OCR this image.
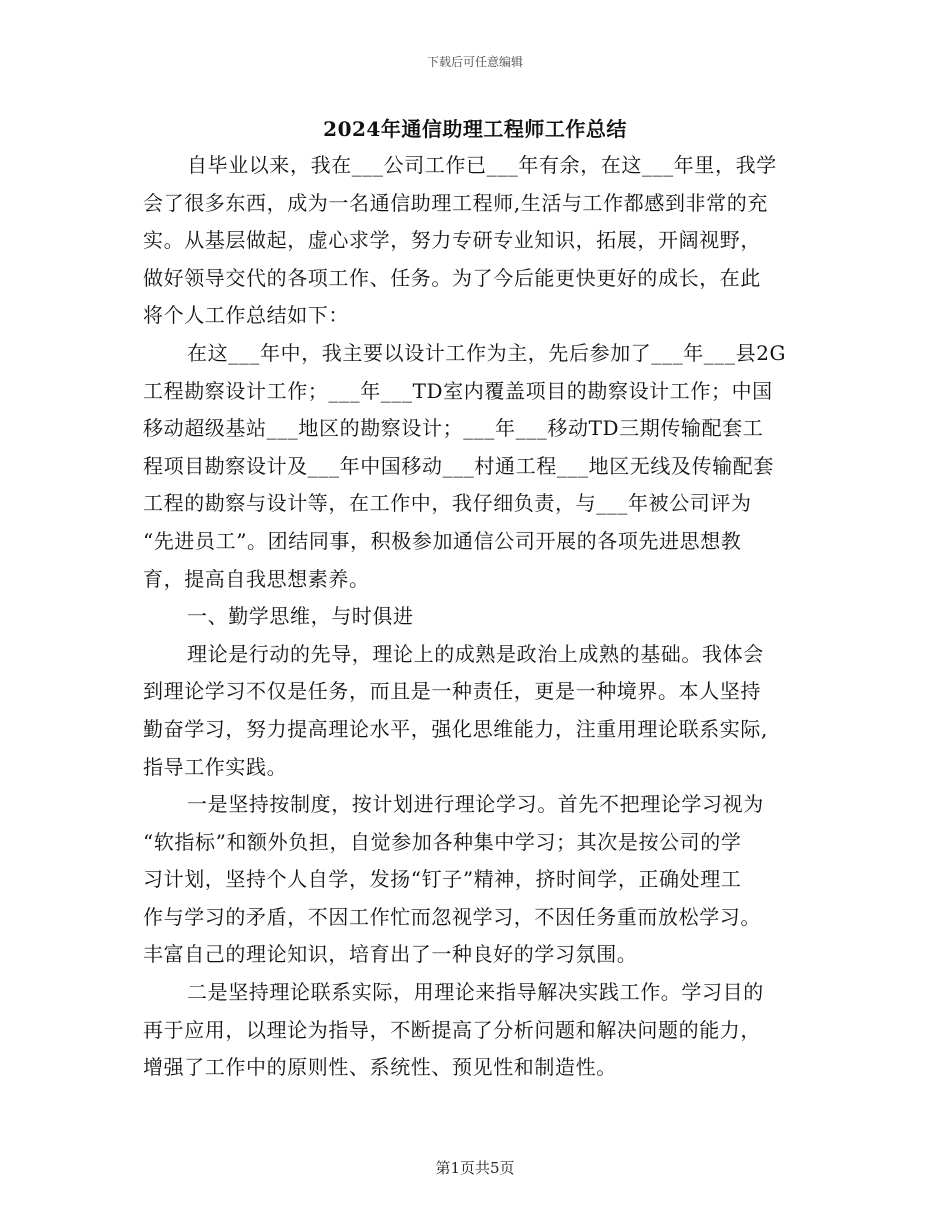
下载后可任意编辑
2024年通信助理工程师工作总结
自毕业以来，我在___公司工作已___年有余，在这___年里，我学
会了很多东西，成为一名通信助理工程师,生活与工作都感到非常的充
实。从基层做起，虚心求学，努力专研专业知识，拓展，开阔视野，
做好领导交代的各项工作、任务。为了今后能更快更好的成长，在此
将个人工作总结如下：
在这___年中，我主要以设计工作为主，先后参加了___年___县2G
工程勘察设计工作；___年___TD室内覆盖项目的勘察设计工作；中国
移动超级基站___地区的勘察设计；___年___移动TD三期传输配套工
程项目勘察设计及___年中国移动___村通工程___地区无线及传输配套
工程的勘察与设计等，在工作中，我仔细负责，与___年被公司评为
“先进员工”。团结同事，积极参加通信公司开展的各项先进思想教
育，提高自我思想素养。
一、勤学思维，与时俱进
理论是行动的先导，理论上的成熟是政治上成熟的基础。我体会
到理论学习不仅是任务，而且是一种责任，更是一种境界。本人坚持
勤奋学习，努力提高理论水平，强化思维能力，注重用理论联系实际,
指导工作实践。
一是坚持按制度，按计划进行理论学习。首先不把理论学习视为
“软指标”和额外负担，自觉参加各种集中学习；其次是按公司的学
习计划，坚持个人自学，发扬“钉子”精神，挤时间学，正确处理工
作与学习的矛盾，不因工作忙而忽视学习，不因任务重而放松学习。
丰富自己的理论知识，培育出了一种良好的学习氛围。
二是坚持理论联系实际，用理论来指导解决实践工作。学习目的
再于应用，以理论为指导，不断提高了分析问题和解决问题的能力，
增强了工作中的原则性、系统性、预见性和制造性。
第1页共5页
